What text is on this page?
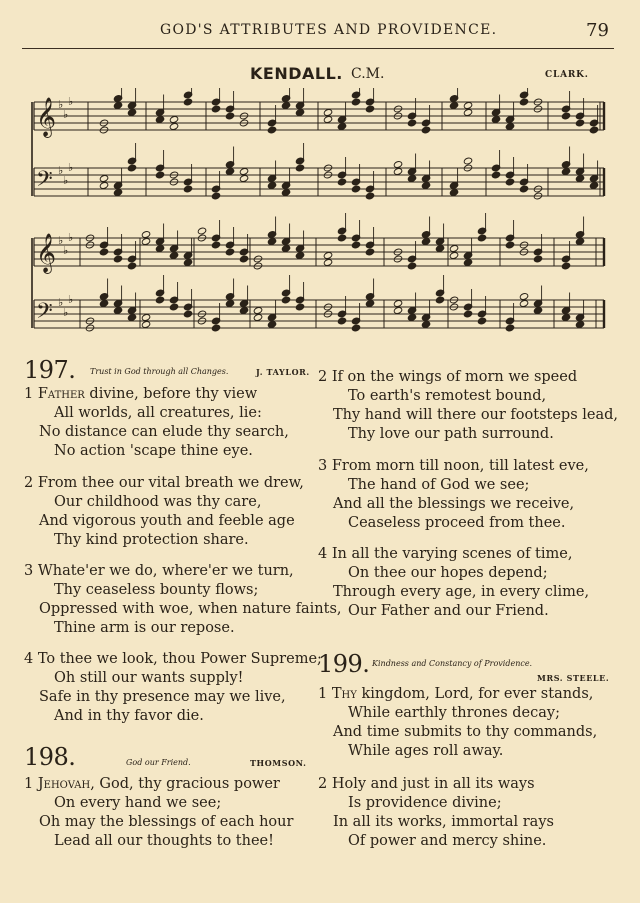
GOD'S ATTRIBUTES AND PROVIDENCE.	79
KENDALL. C.M.	CLARK.
𝄞 ♭
♭
♭
𝄢 ♭
♭
♭
𝄞 ♭
♭
♭
𝄢 ♭
♭
♭
197. Trust in God through all Changes.	J. TAYLOR.
1 Father divine, before thy view
All worlds, all creatures, lie:
No distance can elude thy search,
No action 'scape thine eye.
2 From thee our vital breath we drew,
Our childhood was thy care,
And vigorous youth and feeble age
Thy kind protection share.
3 Whate'er we do, where'er we turn,
Thy ceaseless bounty flows;
Oppressed with woe, when nature faints,
Thine arm is our repose.
4 To thee we look, thou Power Supreme;
Oh still our wants supply!
Safe in thy presence may we live,
And in thy favor die.
198.	God our Friend.	THOMSON.
1 Jehovah, God, thy gracious power
On every hand we see;
Oh may the blessings of each hour
Lead all our thoughts to thee!
2 If on the wings of morn we speed
To earth's remotest bound,
Thy hand will there our footsteps lead,
Thy love our path surround.
3 From morn till noon, till latest eve,
The hand of God we see;
And all the blessings we receive,
Ceaseless proceed from thee.
4 In all the varying scenes of time,
On thee our hopes depend;
Through every age, in every clime,
Our Father and our Friend.
199. Kindness and Constancy of Providence.
MRS. STEELE.
1 Thy kingdom, Lord, for ever stands,
While earthly thrones decay;
And time submits to thy commands,
While ages roll away.
2 Holy and just in all its ways
Is providence divine;
In all its works, immortal rays
Of power and mercy shine.
